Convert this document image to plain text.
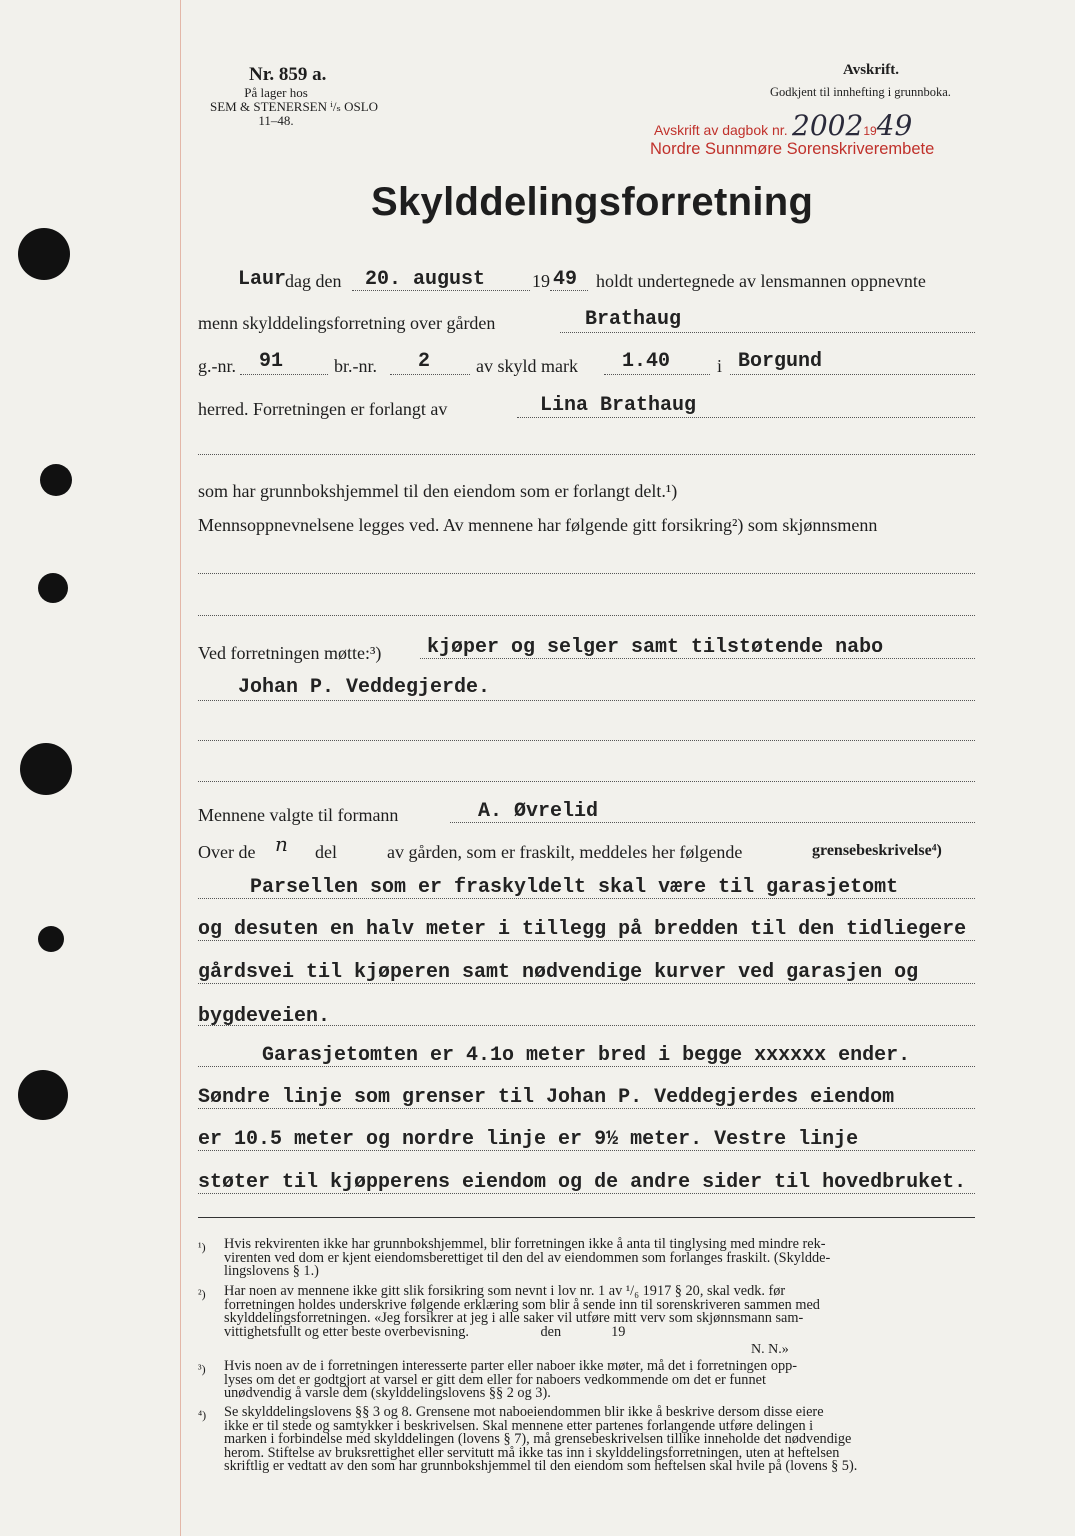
Nr. 859 a.
På lager hos
SEM & STENERSEN ⁱ/ₛ OSLO
11–48.
Avskrift.
Godkjent til innhefting i grunnboka.
Avskrift av dagbok nr. 20021949
Nordre Sunnmøre Sorenskriverembete
Skylddelingsforretning
Laur
dag den 20. august	19 49 holdt undertegnede av lensmannen oppnevnte
menn skylddelingsforretning over gården	Brathaug
g.-nr. 91	br.-nr. 2	av skyld mark 1.40	i Borgund
herred. Forretningen er forlangt av	Lina Brathaug
som har grunnbokshjemmel til den eiendom som er forlangt delt.¹)
Mennsoppnevnelsene legges ved. Av mennene har følgende gitt forsikring²) som skjønnsmenn
Ved forretningen møtte:³) kjøper og selger samt tilstøtende nabo
Johan P. Veddegjerde.
Mennene valgte til formann	A. Øvrelid
Over de n del	av gården, som er fraskilt, meddeles her følgende	grensebeskrivelse⁴)
Parsellen som er fraskyldelt skal være til garasjetomt
og desuten en halv meter i tillegg på bredden til den tidliegere
gårdsvei til kjøperen samt nødvendige kurver ved garasjen og
bygdeveien.
Garasjetomten er 4.1o meter bred i begge xxxxxx ender.
Søndre linje som grenser til Johan P. Veddegjerdes eiendom
er 10.5 meter og nordre linje er 9½ meter. Vestre linje
støter til kjøpperens eiendom og de andre sider til hovedbruket.
¹) Hvis rekvirenten ikke har grunnbokshjemmel, blir forretningen ikke å anta til tinglysing med mindre rek-
virenten ved dom er kjent eiendomsberettiget til den del av eiendommen som forlanges fraskilt. (Skyldde-
lingslovens § 1.)
²) Har noen av mennene ikke gitt slik forsikring som nevnt i lov nr. 1 av ¹/₆ 1917 § 20, skal vedk. før
forretningen holdes underskrive følgende erklæring som blir å sende inn til sorenskriveren sammen med
skylddelingsforretningen. «Jeg forsikrer at jeg i alle saker vil utføre mitt verv som skjønnsmann sam-
vittighetsfullt og etter beste overbevisning.                    den              19
N. N.»
³) Hvis noen av de i forretningen interesserte parter eller naboer ikke møter, må det i forretningen opp-
lyses om det er godtgjort at varsel er gitt dem eller for naboers vedkommende om det er funnet
unødvendig å varsle dem (skylddelingslovens §§ 2 og 3).
⁴) Se skylddelingslovens §§ 3 og 8. Grensene mot naboeiendommen blir ikke å beskrive dersom disse eiere
ikke er til stede og samtykker i beskrivelsen. Skal mennene etter partenes forlangende utføre delingen i
marken i forbindelse med skylddelingen (lovens § 7), må grensebeskrivelsen tillike inneholde det nødvendige
herom. Stiftelse av bruksrettighet eller servitutt må ikke tas inn i skylddelingsforretningen, uten at heftelsen
skriftlig er vedtatt av den som har grunnbokshjemmel til den eiendom som heftelsen skal hvile på (lovens § 5).
